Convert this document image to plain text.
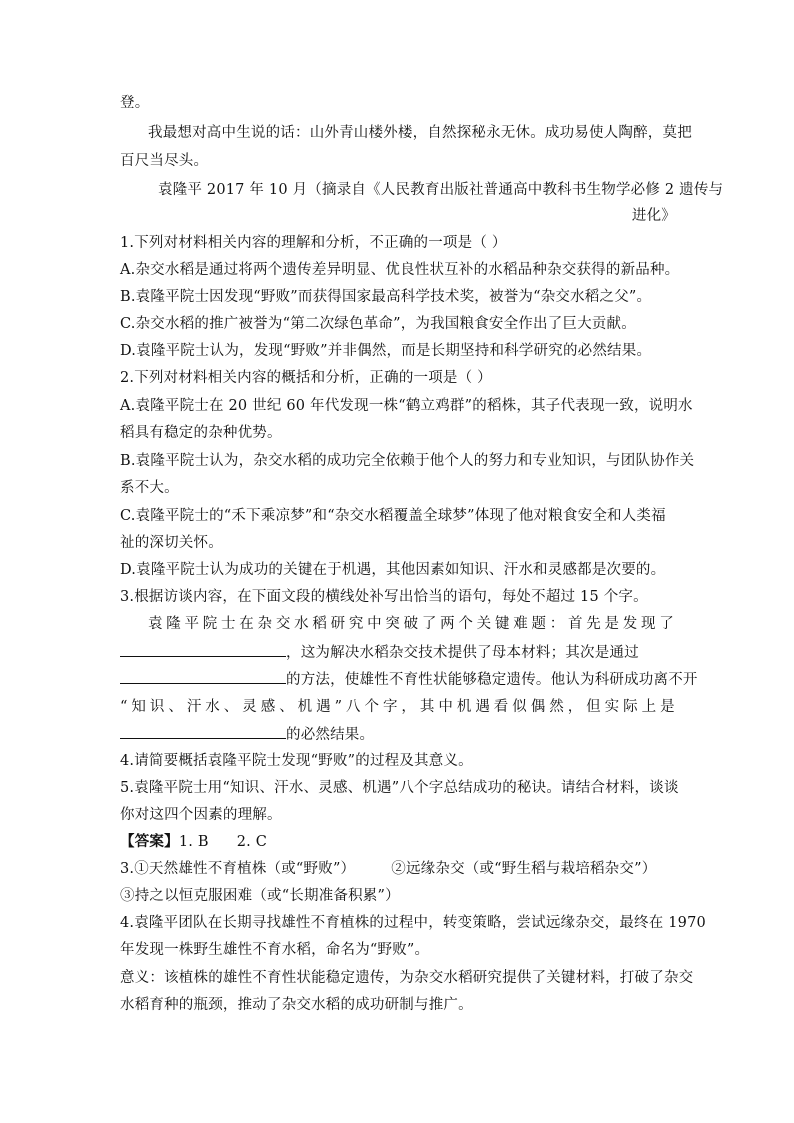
登。
我最想对高中生说的话：山外青山楼外楼，自然探秘永无休。成功易使人陶醉，莫把
百尺当尽头。
袁隆平 2017 年 10 月（摘录自《人民教育出版社普通高中教科书生物学必修 2 遗传与
进化》
1.下列对材料相关内容的理解和分析，不正确的一项是（ ）
A.杂交水稻是通过将两个遗传差异明显、优良性状互补的水稻品种杂交获得的新品种。
B.袁隆平院士因发现“野败”而获得国家最高科学技术奖，被誉为“杂交水稻之父”。
C.杂交水稻的推广被誉为“第二次绿色革命”，为我国粮食安全作出了巨大贡献。
D.袁隆平院士认为，发现“野败”并非偶然，而是长期坚持和科学研究的必然结果。
2.下列对材料相关内容的概括和分析，正确的一项是（ ）
A.袁隆平院士在 20 世纪 60 年代发现一株“鹤立鸡群”的稻株，其子代表现一致，说明水
稻具有稳定的杂种优势。
B.袁隆平院士认为，杂交水稻的成功完全依赖于他个人的努力和专业知识，与团队协作关
系不大。
C.袁隆平院士的“禾下乘凉梦”和“杂交水稻覆盖全球梦”体现了他对粮食安全和人类福
祉的深切关怀。
D.袁隆平院士认为成功的关键在于机遇，其他因素如知识、汗水和灵感都是次要的。
3.根据访谈内容，在下面文段的横线处补写出恰当的语句，每处不超过 15 个字。
袁隆平院士在杂交水稻研究中突破了两个关键难题：首先是发现了
，这为解决水稻杂交技术提供了母本材料；其次是通过
的方法，使雄性不育性状能够稳定遗传。他认为科研成功离不开
“知识、汗水、灵感、机遇”八个字，其中机遇看似偶然，但实际上是
的必然结果。
4.请简要概括袁隆平院士发现“野败”的过程及其意义。
5.袁隆平院士用“知识、汗水、灵感、机遇”八个字总结成功的秘诀。请结合材料，谈谈
你对这四个因素的理解。
【答案】1. B 2. C
3.①天然雄性不育植株（或“野败”） ②远缘杂交（或“野生稻与栽培稻杂交”）
③持之以恒克服困难（或“长期准备积累”）
4.袁隆平团队在长期寻找雄性不育植株的过程中，转变策略，尝试远缘杂交，最终在 1970
年发现一株野生雄性不育水稻，命名为“野败”。
意义：该植株的雄性不育性状能稳定遗传，为杂交水稻研究提供了关键材料，打破了杂交
水稻育种的瓶颈，推动了杂交水稻的成功研制与推广。
